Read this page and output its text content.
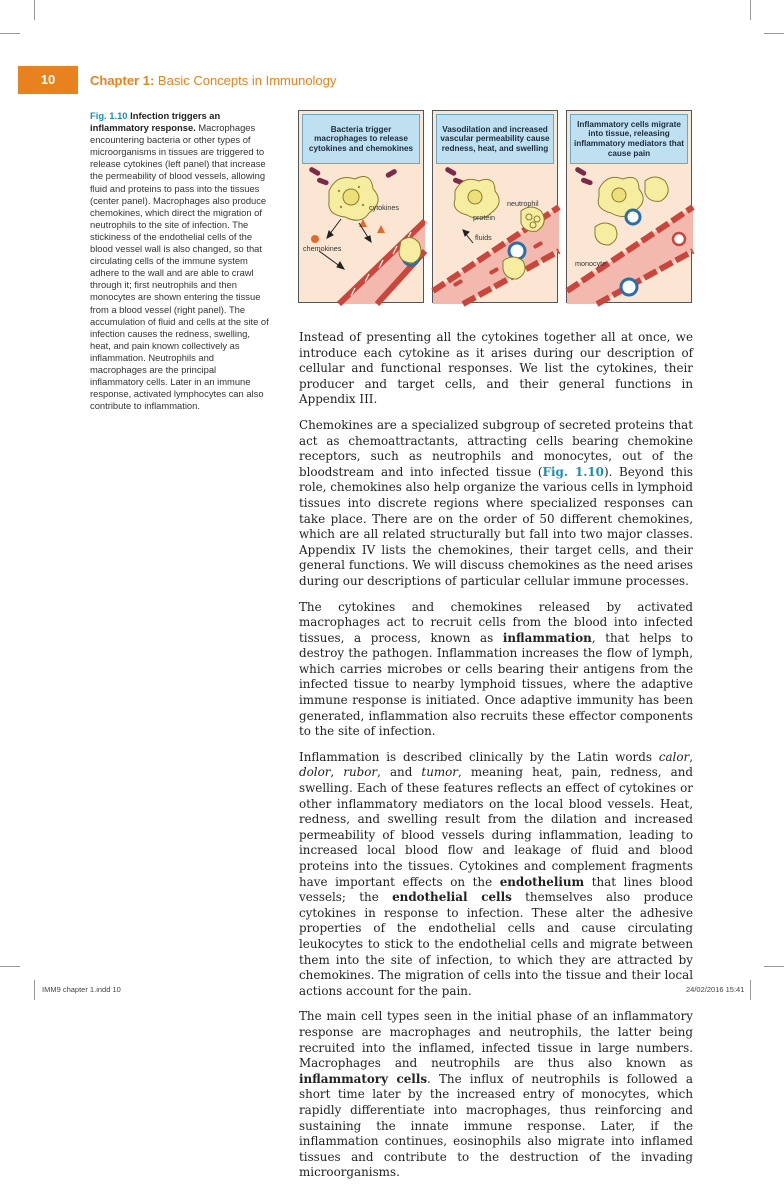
10	Chapter 1: Basic Concepts in Immunology
Fig. 1.10 Infection triggers an inflammatory response. Macrophages encountering bacteria or other types of microorganisms in tissues are triggered to release cytokines (left panel) that increase the permeability of blood vessels, allowing fluid and proteins to pass into the tissues (center panel). Macrophages also produce chemokines, which direct the migration of neutrophils to the site of infection. The stickiness of the endothelial cells of the blood vessel wall is also changed, so that circulating cells of the immune system adhere to the wall and are able to crawl through it; first neutrophils and then monocytes are shown entering the tissue from a blood vessel (right panel). The accumulation of fluid and cells at the site of infection causes the redness, swelling, heat, and pain known collectively as inflammation. Neutrophils and macrophages are the principal inflammatory cells. Later in an immune response, activated lymphocytes can also contribute to inflammation.
Bacteria trigger macrophages to release cytokines and chemokines
cytokines
chemokines
Vasodilation and increased vascular permeability cause redness, heat, and swelling
neutrophil
protein
fluids
Inflammatory cells migrate into tissue, releasing inflammatory mediators that cause pain
monocyte

Instead of presenting all the cytokines together all at once, we introduce each cytokine as it arises during our description of cellular and functional responses. We list the cytokines, their producer and target cells, and their general functions in Appendix III.

Chemokines are a specialized subgroup of secreted proteins that act as chemoattractants, attracting cells bearing chemokine receptors, such as neutrophils and monocytes, out of the bloodstream and into infected tissue (Fig. 1.10). Beyond this role, chemokines also help organize the various cells in lymphoid tissues into discrete regions where specialized responses can take place. There are on the order of 50 different chemokines, which are all related structurally but fall into two major classes. Appendix IV lists the chemokines, their target cells, and their general functions. We will discuss chemokines as the need arises during our descriptions of particular cellular immune processes.

The cytokines and chemokines released by activated macrophages act to recruit cells from the blood into infected tissues, a process, known as inflammation, that helps to destroy the pathogen. Inflammation increases the flow of lymph, which carries microbes or cells bearing their antigens from the infected tissue to nearby lymphoid tissues, where the adaptive immune response is initiated. Once adaptive immunity has been generated, inflammation also recruits these effector components to the site of infection.

Inflammation is described clinically by the Latin words calor, dolor, rubor, and tumor, meaning heat, pain, redness, and swelling. Each of these features reflects an effect of cytokines or other inflammatory mediators on the local blood vessels. Heat, redness, and swelling result from the dilation and increased permeability of blood vessels during inflammation, leading to increased local blood flow and leakage of fluid and blood proteins into the tissues. Cytokines and complement fragments have important effects on the endothelium that lines blood vessels; the endothelial cells themselves also produce cytokines in response to infection. These alter the adhesive properties of the endothelial cells and cause circulating leukocytes to stick to the endothelial cells and migrate between them into the site of infection, to which they are attracted by chemokines. The migration of cells into the tissue and their local actions account for the pain.

The main cell types seen in the initial phase of an inflammatory response are macrophages and neutrophils, the latter being recruited into the inflamed, infected tissue in large numbers. Macrophages and neutrophils are thus also known as inflammatory cells. The influx of neutrophils is followed a short time later by the increased entry of monocytes, which rapidly differentiate into macrophages, thus reinforcing and sustaining the innate immune response. Later, if the inflammation continues, eosinophils also migrate into inflamed tissues and contribute to the destruction of the invading microorganisms.

IMM9 chapter 1.indd 10	24/02/2016 15:41
